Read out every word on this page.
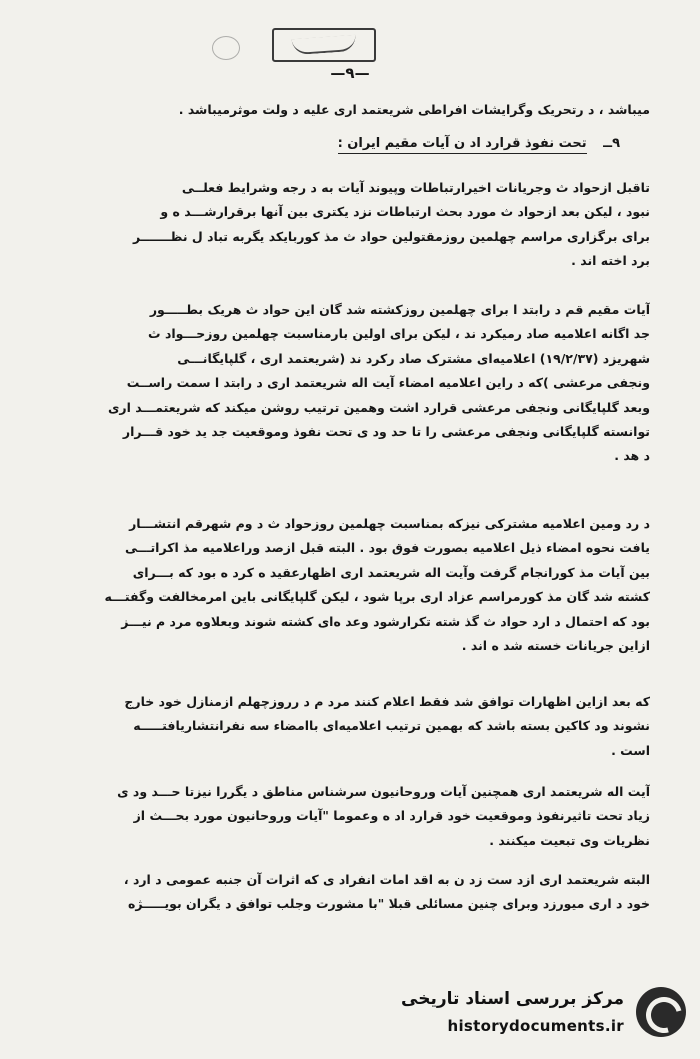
—۹—
میباشد ، د رتحریک وگرایشات افراطی شریعتمد اری علیه د ولت موثرمیباشد .
۹ــ تحت نفوذ قرارد اد ن آیات مقیم ایران :
تاقبل ازحواد ث وجریانات اخیرارتباطات وپیوند آیات به د رجه وشرایط فعلــی
نبود ، لیکن بعد ازحواد ث مورد بحث ارتباطات نزد یکتری بین آنها برقرارشـــد ه و
برای برگزاری مراسم چهلمین روزمقتولین حواد ث مذ کوربایکد یگربه تباد ل نظـــــــر
برد اخته اند .
آیات مقیم قم د رابتد ا برای چهلمین روزکشته شد گان این حواد ث هریک بطـــــور
جد اگانه اعلامیه صاد رمیکرد ند ، لیکن برای اولین بارمناسبت چهلمین روزحـــواد ث
شهریزد (۱۹/۲/۳۷) اعلامیه‌ای مشترک صاد رکرد ند (شریعتمد اری ، گلپایگانـــی
ونجفی مرعشی )که د راین اعلامیه امضاء آیت اله شریعتمد اری د رابتد ا سمت راســت
وبعد گلپایگانی ونجفی مرعشی قرارد اشت وهمین ترتیب روشن میکند که شریعتمـــد اری
توانسته گلپایگانی ونجفی مرعشی را تا حد ود ی تحت نفوذ وموقعیت جد ید خود قـــرار
د هد .
د رد ومین اعلامیه مشترکی نیزکه بمناسبت چهلمین روزحواد ث د وم شهرقم انتشـــار
یافت نحوه امضاء ذیل اعلامیه بصورت فوق بود . البته قبل ازصد وراعلامیه مذ اکراتـــی
بین آیات مذ کورانجام گرفت وآیت اله شریعتمد اری اظهارعقید ه کرد ه بود که بـــرای
کشته شد گان مذ کورمراسم عزاد اری برپا شود ، لیکن گلپایگانی باین امرمخالفت وگفتـــه
بود که احتمال د ارد حواد ث گذ شته تکرارشود وعد ه‌ای کشته شوند وبعلاوه مرد م نیـــز
ازاین جریانات خسته شد ه اند .
که بعد ازاین اظهارات توافق شد فقط اعلام کنند مرد م د رروزچهلم ازمنازل خود خارج
نشوند ود کاکین بسته باشد که بهمین ترتیب اعلامیه‌ای باامضاء سه نفرانتشاریافتـــــه
است .
آیت اله شریعتمد اری همچنین آیات وروحانیون سرشناس مناطق د یگررا نیزتا حـــد ود ی
زیاد تحت تاثیرنفوذ وموقعیت خود قرارد اد ه وعموما "آیات وروحانیون مورد بحـــث از
نظریات وی تبعیت میکنند .
البته شریعتمد اری ازد ست زد ن به اقد امات انفراد ی که اثرات آن جنبه عمومی د ارد ،
خود د اری میورزد وبرای چنین مسائلی قبلا "با مشورت وجلب توافق د یگران بویـــــژه
مرکز بررسی اسناد تاریخی
historydocuments.ir
